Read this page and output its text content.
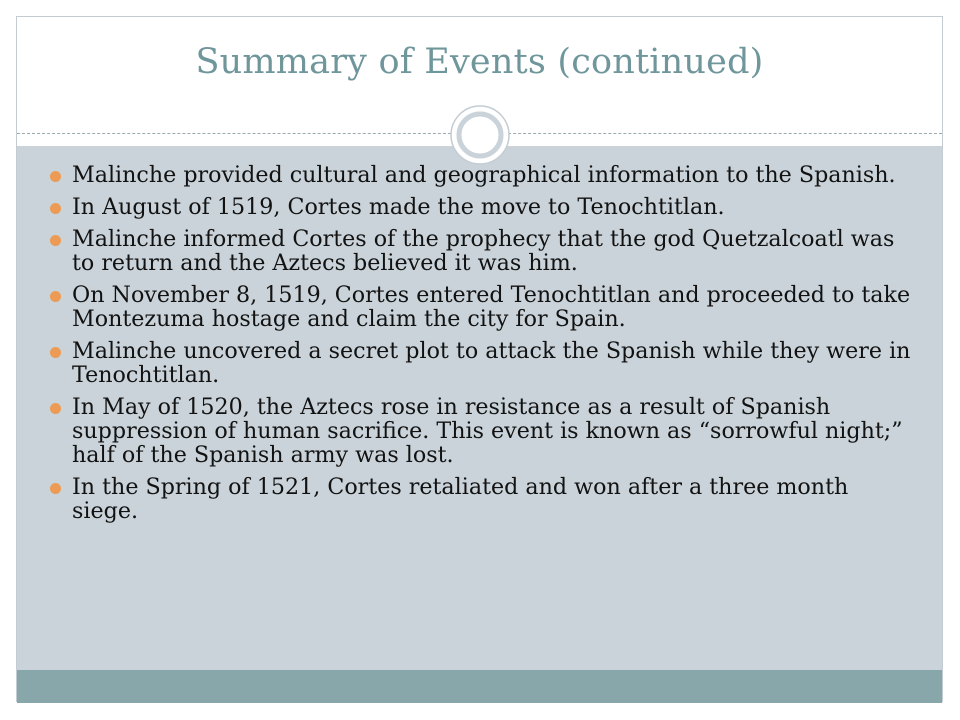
Summary of Events (continued)
Malinche provided cultural and geographical information to the Spanish.
In August of 1519, Cortes made the move to Tenochtitlan.
Malinche informed Cortes of the prophecy that the god Quetzalcoatl was to return and the Aztecs believed it was him.
On November 8, 1519, Cortes entered Tenochtitlan and proceeded to take Montezuma hostage and claim the city for Spain.
Malinche uncovered a secret plot to attack the Spanish while they were in Tenochtitlan.
In May of 1520, the Aztecs rose in resistance as a result of Spanish suppression of human sacrifice. This event is known as “sorrowful night;” half of the Spanish army was lost.
In the Spring of 1521, Cortes retaliated and won after a three month siege.
